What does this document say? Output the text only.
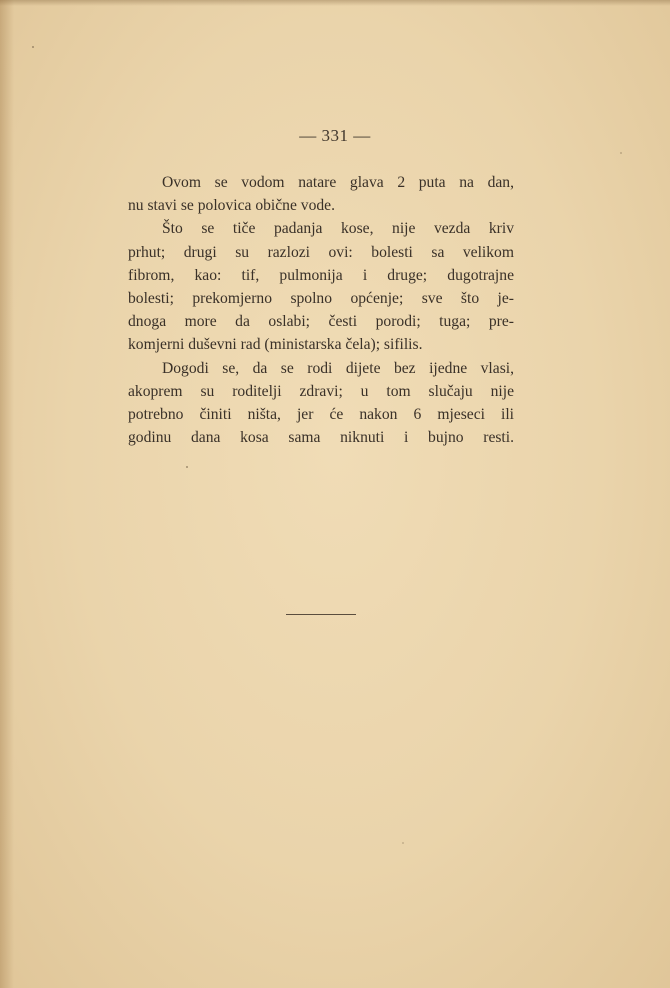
— 331 —
Ovom se vodom natare glava 2 puta na dan,
nu stavi se polovica obične vode.
Što se tiče padanja kose, nije vezda kriv
prhut; drugi su razlozi ovi: bolesti sa velikom
fibrom, kao: tif, pulmonija i druge; dugotrajne
bolesti; prekomjerno spolno općenje; sve što je-
dnoga more da oslabi; česti porodi; tuga; pre-
komjerni duševni rad (ministarska čela); sifilis.
Dogodi se, da se rodi dijete bez ijedne vlasi,
akoprem su roditelji zdravi; u tom slučaju nije
potrebno činiti ništa, jer će nakon 6 mjeseci ili
godinu dana kosa sama niknuti i bujno resti.
